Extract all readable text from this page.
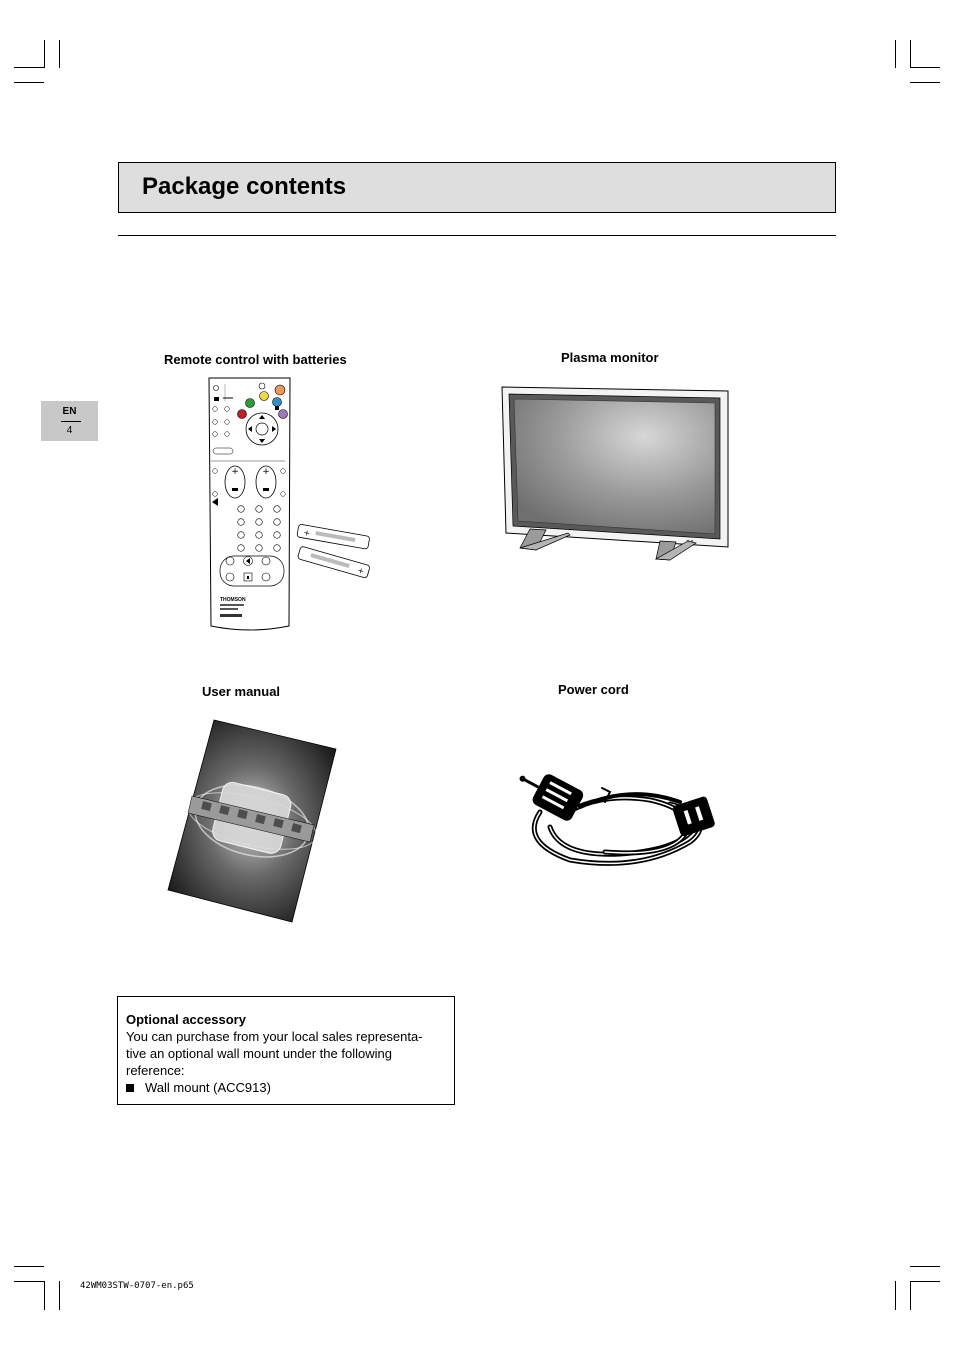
Package contents
EN
4
Remote control with batteries	Plasma monitor
User manual	Power cord
+	+
THOMSON
+
+
Optional accessory
You can purchase from your local sales representa-
tive an optional wall mount under the following
reference:
Wall mount (ACC913)
42WM03STW-0707-en.p65
